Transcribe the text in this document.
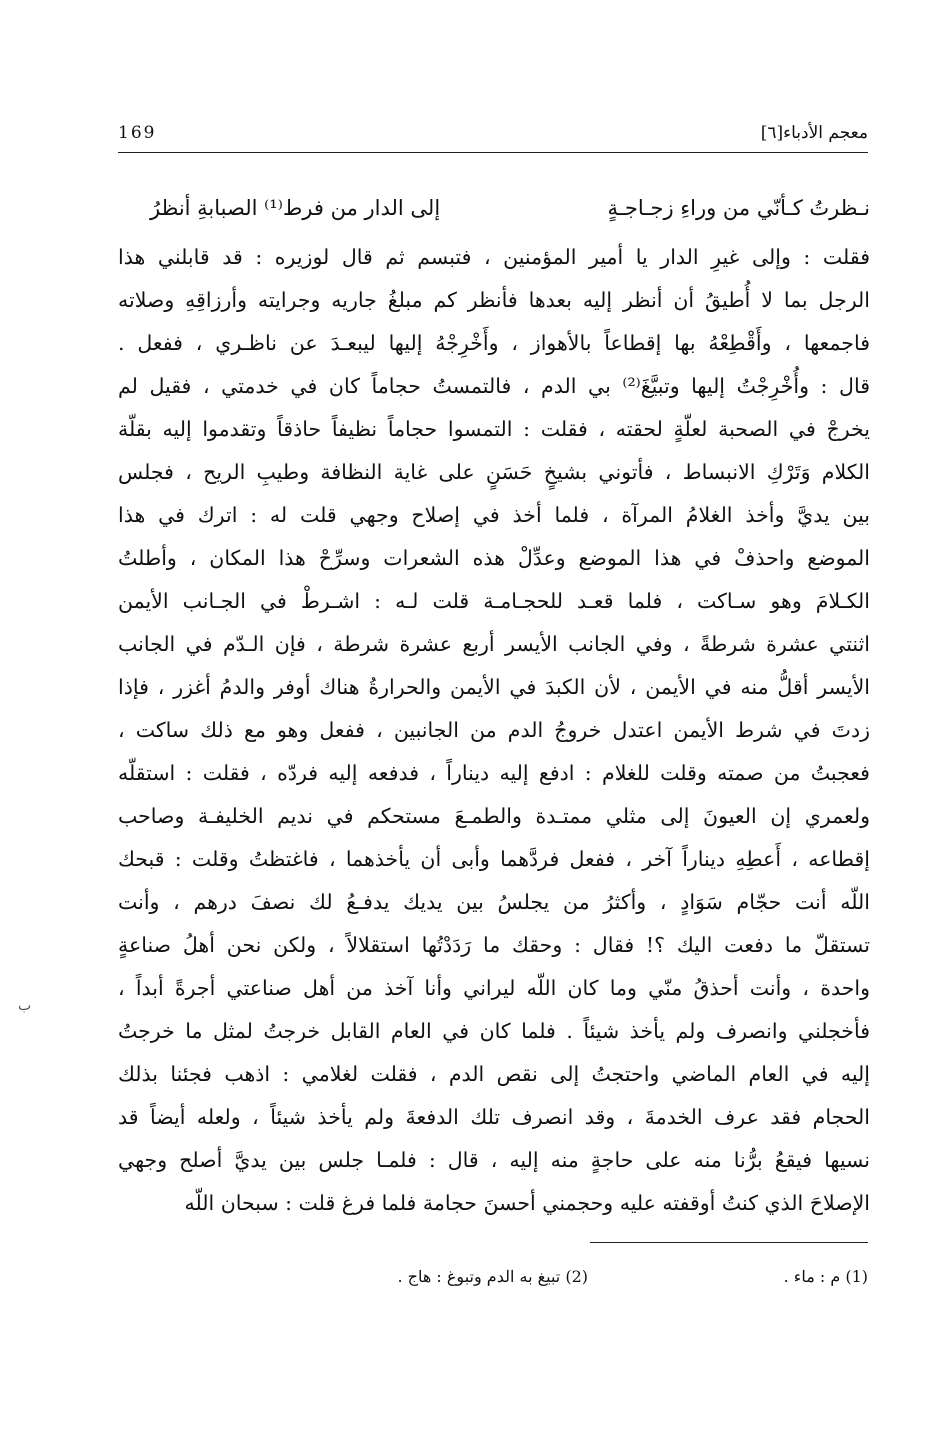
معجم الأدباء[٦]
169
نـظرتُ كـأنّي من وراءِ زجـاجـةٍ
إلى الدار من فرط⁽¹⁾ الصبابةِ أنظرُ
فقلت : وإلى غيرِ الدار يا أمير المؤمنين ، فتبسم ثم قال لوزيره : قد قابلني هذا
الرجل بما لا أُطيقُ أن أنظر إليه بعدها فأنظر كم مبلغُ جاريه وجرايته وأرزاقِهِ وصلاته
فاجمعها ، وأَقْطِعْهُ بها إقطاعاً بالأهواز ، وأَخْرِجْهُ إليها ليبعـدَ عن ناظـري ، ففعل .
قال : وأُخْرِجْتُ إليها وتبيَّغَ⁽²⁾ بي الدم ، فالتمستُ حجاماً كان في خدمتي ، فقيل لم
يخرجْ في الصحبة لعلّةٍ لحقته ، فقلت : التمسوا حجاماً نظيفاً حاذقاً وتقدموا إليه بقلّة
الكلام وَتَرْكِ الانبساط ، فأتوني بشيخٍ حَسَنٍ على غاية النظافة وطيبِ الريح ، فجلس
بين يديَّ وأخذ الغلامُ المرآة ، فلما أخذ في إصلاح وجهي قلت له : اترك في هذا
الموضع واحذفْ في هذا الموضع وعدِّلْ هذه الشعرات وسرِّحْ هذا المكان ، وأطلتُ
الكـلامَ وهو سـاكت ، فلما قعـد للحجـامـة قلت لـه : اشـرطْ في الجـانب الأيمن
اثنتي عشرة شرطةً ، وفي الجانب الأيسر أربع عشرة شرطة ، فإن الـدّم في الجانب
الأيسر أقلُّ منه في الأيمن ، لأن الكبدَ في الأيمن والحرارةُ هناك أوفر والدمُ أغزر ، فإذا
زدتَ في شرط الأيمن اعتدل خروجُ الدم من الجانبين ، ففعل وهو مع ذلك ساكت ،
فعجبتُ من صمته وقلت للغلام : ادفع إليه ديناراً ، فدفعه إليه فردّه ، فقلت : استقلّه
ولعمري إن العيونَ إلى مثلي ممتـدة والطمـعَ مستحكم في نديم الخليفـة وصاحب
إقطاعه ، أَعطِهِ ديناراً آخر ، ففعل فردَّهما وأبى أن يأخذهما ، فاغتظتُ وقلت : قبحك
اللّه أنت حجّام سَوَادٍ ، وأكثرُ من يجلسُ بين يديك يدفـعُ لك نصفَ درهم ، وأنت
تستقلّ ما دفعت اليك ؟! فقال : وحقك ما رَدَدْتُها استقلالاً ، ولكن نحن أهلُ صناعةٍ
واحدة ، وأنت أحذقُ منّي وما كان اللّه ليراني وأنا آخذ من أهل صناعتي أجرةً أبداً ،
فأخجلني وانصرف ولم يأخذ شيئاً . فلما كان في العام القابل خرجتُ لمثل ما خرجتُ
إليه في العام الماضي واحتجتُ إلى نقص الدم ، فقلت لغلامي : اذهب فجئنا بذلك
الحجام فقد عرف الخدمةَ ، وقد انصرف تلك الدفعةَ ولم يأخذ شيئاً ، ولعله أيضاً قد
نسيها فيقعُ برُّنا منه على حاجةٍ منه إليه ، قال : فلمـا جلس بين يديَّ أصلح وجهي
الإصلاحَ الذي كنتُ أوقفته عليه وحجمني أحسنَ حجامة فلما فرغ قلت : سبحان اللّه
(1) م : ماء .
(2) تبيغ به الدم وتبوغ : هاج .
ب
